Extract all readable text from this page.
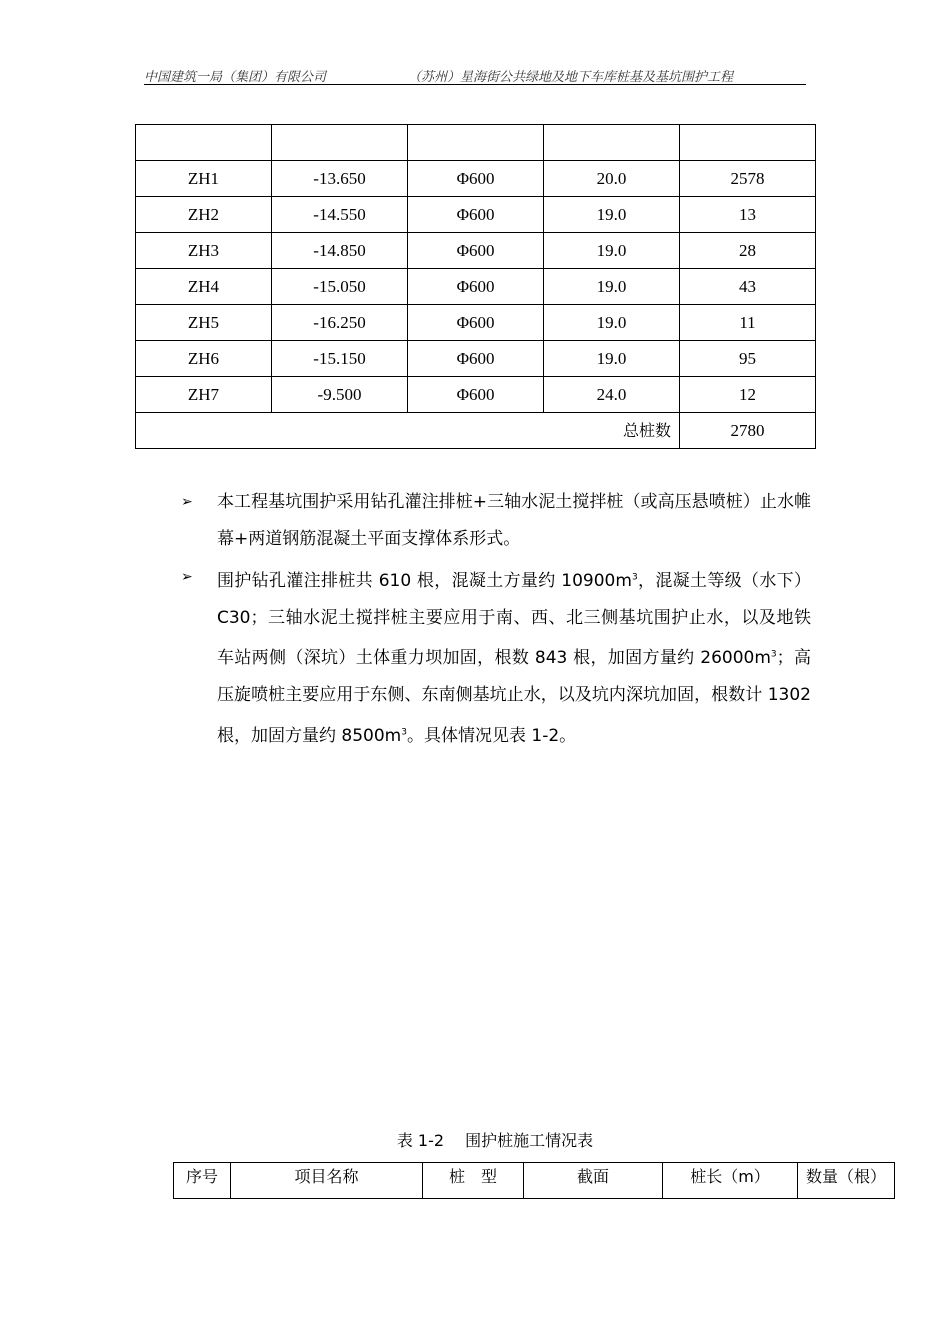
中国建筑一局（集团）有限公司	（苏州）星海街公共绿地及地下车库桩基及基坑围护工程

ZH1	-13.650	Φ600	20.0	2578
ZH2	-14.550	Φ600	19.0	13
ZH3	-14.850	Φ600	19.0	28
ZH4	-15.050	Φ600	19.0	43
ZH5	-16.250	Φ600	19.0	11
ZH6	-15.150	Φ600	19.0	95
ZH7	-9.500	Φ600	24.0	12
总桩数				2780
➢ 本工程基坑围护采用钻孔灌注排桩+三轴水泥土搅拌桩（或高压悬喷桩）止水帷幕+两道钢筋混凝土平面支撑体系形式。
➢ 围护钻孔灌注排桩共 610 根，混凝土方量约 $10900m^3$，混凝土等级（水下）C30；三轴水泥土搅拌桩主要应用于南、西、北三侧基坑围护止水，以及地铁车站两侧（深坑）土体重力坝加固，根数 843 根，加固方量约 $26000m^3$；高压旋喷桩主要应用于东侧、东南侧基坑止水，以及坑内深坑加固，根数计 1302 根，加固方量约 $8500m^3$。具体情况见表 1-2。
表 1-2　 围护桩施工情况表
序号	项目名称	桩　型	截面	桩长（m）	数量（根）
